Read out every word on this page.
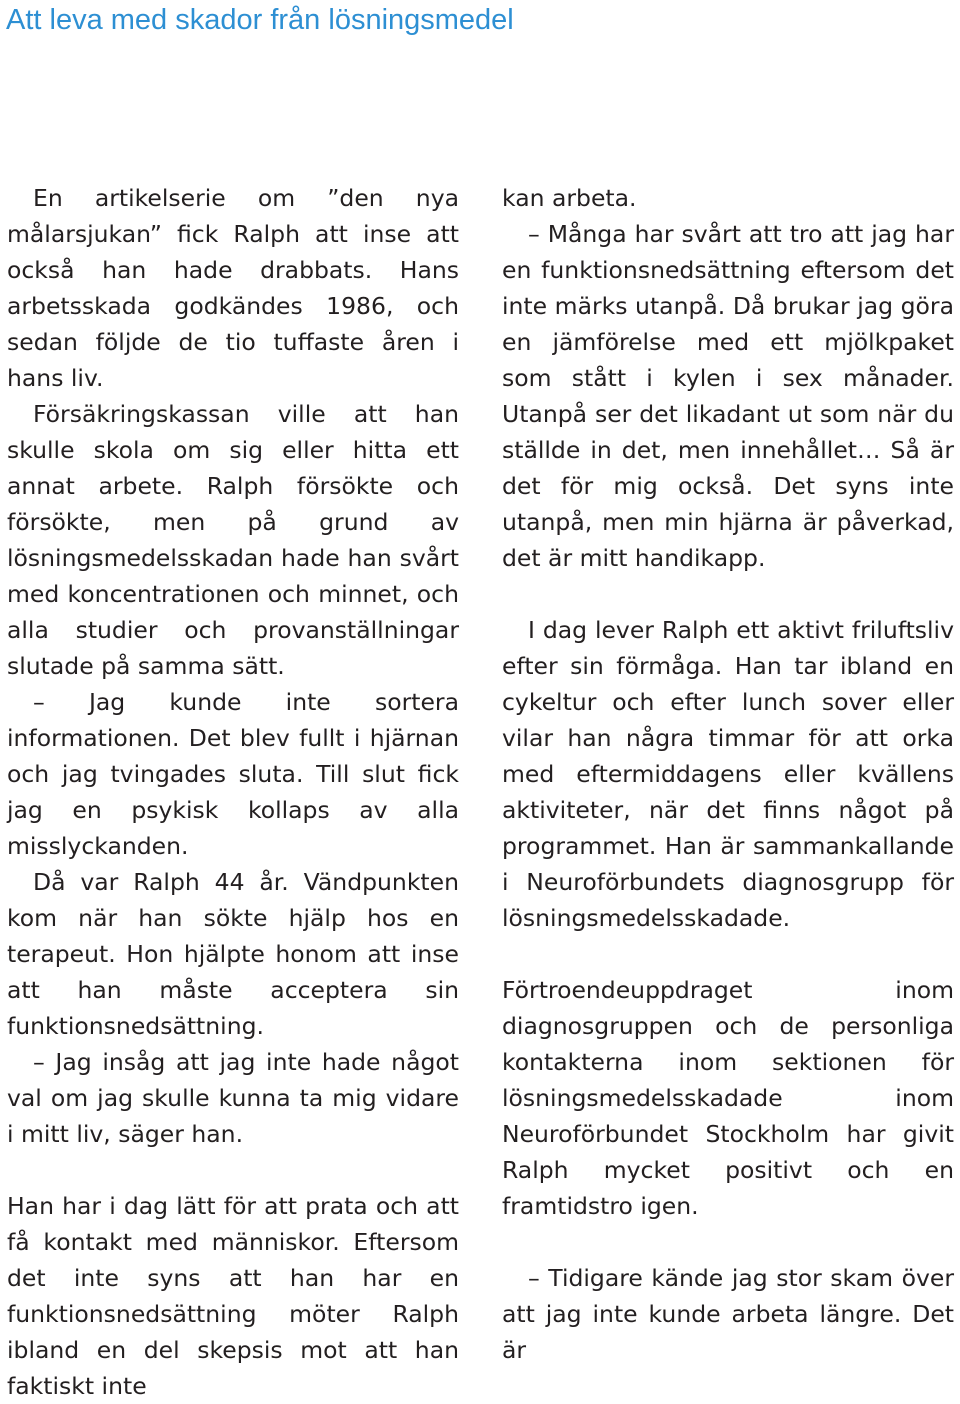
Att leva med skador från lösningsmedel

En artikelserie om ”den nya målarsjukan” fick Ralph att inse att också han hade drabbats. Hans arbetsskada godkändes 1986, och sedan följde de tio tuffaste åren i hans liv.

Försäkringskassan ville att han skulle skola om sig eller hitta ett annat arbete. Ralph försökte och försökte, men på grund av lösningsmedelsskadan hade han svårt med koncentrationen och minnet, och alla studier och provanställningar slutade på samma sätt.

– Jag kunde inte sortera informationen. Det blev fullt i hjärnan och jag tvingades sluta. Till slut fick jag en psykisk kollaps av alla misslyckanden.

Då var Ralph 44 år. Vändpunkten kom när han sökte hjälp hos en terapeut. Hon hjälpte honom att inse att han måste acceptera sin funktionsnedsättning.

– Jag insåg att jag inte hade något val om jag skulle kunna ta mig vidare i mitt liv, säger han.

Han har i dag lätt för att prata och att få kontakt med människor. Eftersom det inte syns att han har en funktionsnedsättning möter Ralph ibland en del skepsis mot att han faktiskt inte

kan arbeta.

– Många har svårt att tro att jag har en funktionsnedsättning eftersom det inte märks utanpå. Då brukar jag göra en jämförelse med ett mjölkpaket som stått i kylen i sex månader. Utanpå ser det likadant ut som när du ställde in det, men innehållet… Så är det för mig också. Det syns inte utanpå, men min hjärna är påverkad, det är mitt handikapp.

I dag lever Ralph ett aktivt friluftsliv efter sin förmåga. Han tar ibland en cykeltur och efter lunch sover eller vilar han några timmar för att orka med eftermiddagens eller kvällens aktiviteter, när det finns något på programmet. Han är sammankallande i Neuroförbundets diagnosgrupp för lösningsmedelsskadade.

Förtroendeuppdraget inom diagnosgruppen och de personliga kontakterna inom sektionen för lösningsmedelsskadade inom Neuroförbundet Stockholm har givit Ralph mycket positivt och en framtidstro igen.

– Tidigare kände jag stor skam över att jag inte kunde arbeta längre. Det är
